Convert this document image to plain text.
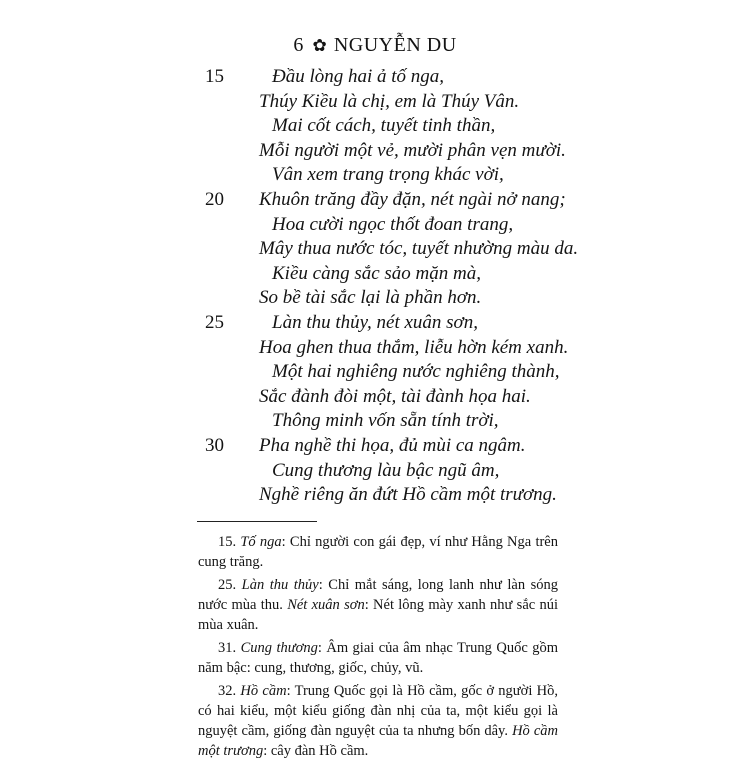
6 ✿ NGUYỄN DU
15	Đầu lòng hai ả tố nga,
Thúy Kiều là chị, em là Thúy Vân.
Mai cốt cách, tuyết tinh thần,
Mỗi người một vẻ, mười phân vẹn mười.
Vân xem trang trọng khác vời,
20 Khuôn trăng đầy đặn, nét ngài nở nang;
Hoa cười ngọc thốt đoan trang,
Mây thua nước tóc, tuyết nhường màu da.
Kiều càng sắc sảo mặn mà,
So bề tài sắc lại là phần hơn.
25	Làn thu thủy, nét xuân sơn,
Hoa ghen thua thắm, liễu hờn kém xanh.
Một hai nghiêng nước nghiêng thành,
Sắc đành đòi một, tài đành họa hai.
Thông minh vốn sẵn tính trời,
30 Pha nghề thi họa, đủ mùi ca ngâm.
Cung thương làu bậc ngũ âm,
Nghề riêng ăn đứt Hồ cầm một trương.

15. Tố nga: Chỉ người con gái đẹp, ví như Hằng Nga trên cung trăng.

25. Làn thu thủy: Chỉ mắt sáng, long lanh như làn sóng nước mùa thu. Nét xuân sơn: Nét lông mày xanh như sắc núi mùa xuân.

31. Cung thương: Âm giai của âm nhạc Trung Quốc gồm năm bậc: cung, thương, giốc, chủy, vũ.

32. Hồ cầm: Trung Quốc gọi là Hồ cầm, gốc ở người Hồ, có hai kiểu, một kiểu giống đàn nhị của ta, một kiểu gọi là nguyệt cầm, giống đàn nguyệt của ta nhưng bốn dây. Hồ cầm một trương: cây đàn Hồ cầm.
